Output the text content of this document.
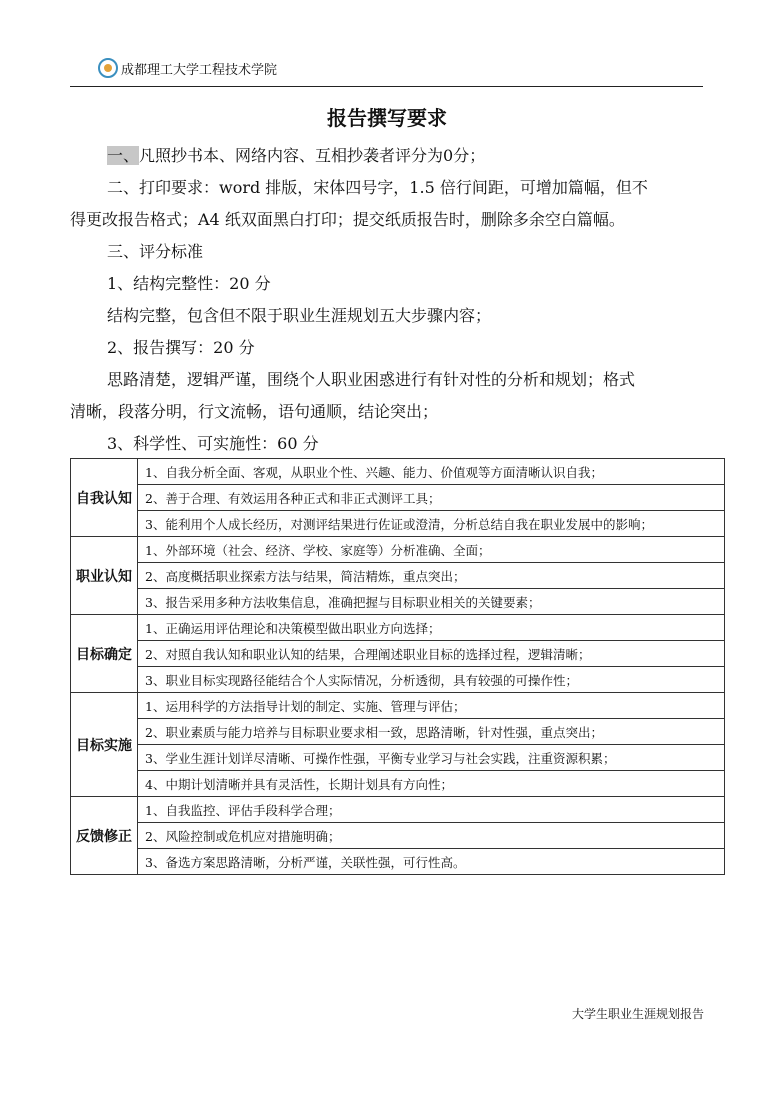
成都理工大学工程技术学院
报告撰写要求
一、凡照抄书本、网络内容、互相抄袭者评分为0分；
二、打印要求：word 排版，宋体四号字，1.5 倍行间距，可增加篇幅，但不
得更改报告格式；A4 纸双面黑白打印；提交纸质报告时，删除多余空白篇幅。
三、评分标准
1、结构完整性：20 分
结构完整，包含但不限于职业生涯规划五大步骤内容；
2、报告撰写：20 分
思路清楚，逻辑严谨，围绕个人职业困惑进行有针对性的分析和规划；格式
清晰，段落分明，行文流畅，语句通顺，结论突出；
3、科学性、可实施性：60 分
自我认知	1、自我分析全面、客观，从职业个性、兴趣、能力、价值观等方面清晰认识自我；
	2、善于合理、有效运用各种正式和非正式测评工具；
	3、能利用个人成长经历，对测评结果进行佐证或澄清，分析总结自我在职业发展中的影响；
职业认知	1、外部环境（社会、经济、学校、家庭等）分析准确、全面；
	2、高度概括职业探索方法与结果，简洁精炼，重点突出；
	3、报告采用多种方法收集信息，准确把握与目标职业相关的关键要素；
目标确定	1、正确运用评估理论和决策模型做出职业方向选择；
	2、对照自我认知和职业认知的结果，合理阐述职业目标的选择过程，逻辑清晰；
	3、职业目标实现路径能结合个人实际情况，分析透彻，具有较强的可操作性；
目标实施	1、运用科学的方法指导计划的制定、实施、管理与评估；
	2、职业素质与能力培养与目标职业要求相一致，思路清晰，针对性强，重点突出；
	3、学业生涯计划详尽清晰、可操作性强，平衡专业学习与社会实践，注重资源积累；
	4、中期计划清晰并具有灵活性，长期计划具有方向性；
反馈修正	1、自我监控、评估手段科学合理；
	2、风险控制或危机应对措施明确；
	3、备选方案思路清晰，分析严谨，关联性强，可行性高。
大学生职业生涯规划报告
